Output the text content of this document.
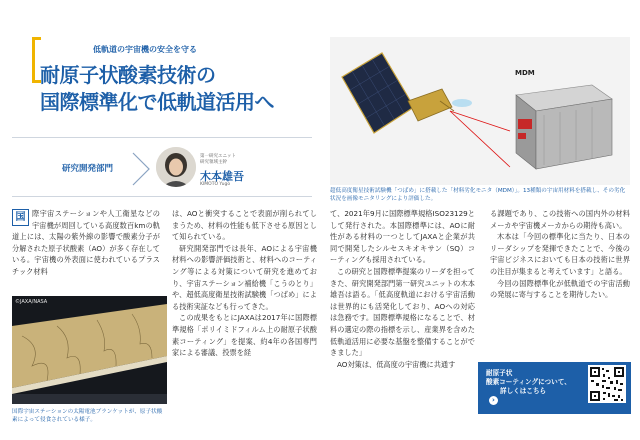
低軌道の宇宙機の安全を守る
耐原子状酸素技術の
国際標準化で低軌道活用へ
研究開発部門
第一研究ユニット
研究領域主幹
木本雄吾
KIMOTO Yugo
MDM
超低高度衛星技術試験機「つばめ」に搭載した「材料劣化モニタ（MDM）」。13種類の宇宙用材料を搭載し、その劣化状況を画像モニタリングにより評価した。

国 際宇宙ステーションや人工衛星などの宇宙機が周回している高度数百kmの軌道上には、太陽の紫外線の影響で酸素分子が分解された原子状酸素（AO）が多く存在している。宇宙機の外表面に使われているプラスチック材料

は、AOと衝突することで表面が削られてしまうため、材料の性能も低下させる原因として知られている。

研究開発部門では長年、AOによる宇宙機材料への影響評価技術と、材料へのコーティング等による対策について研究を進めており、宇宙ステーション補給機「こうのとり」や、超低高度衛星技術試験機「つばめ」による技術実証なども行ってきた。

この成果をもとにJAXAは2017年に国際標準規格「ポリイミドフィルム上の耐原子状酸素コーティング」を提案、約4年の各国専門家による審議、投票を経

て、2021年9月に国際標準規格ISO23129として発行された。本国際標準には、AOに耐性がある材料の一つとしてJAXAと企業が共同で開発したシルセスキオキサン（SQ）コーティングも採用されている。

この研究と国際標準提案のリーダを担ってきた、研究開発部門第一研究ユニットの木本雄吾は語る。「低高度軌道における宇宙活動は世界的にも活発化しており、AOへの対応は急務です。国際標準規格になることで、材料の選定の際の指標を示し、産業界を含めた低軌道活用に必要な基盤を整備することができました」

AO対策は、低高度の宇宙機に共通す

る課題であり、この技術への国内外の材料メーカや宇宙機メーカからの期待も高い。

木本は「今回の標準化に当たり、日本のリーダシップを発揮できたことで、今後の宇宙ビジネスにおいても日本の技術に世界の注目が集まると考えています」と語る。

今回の国際標準化が低軌道での宇宙活動の発展に寄与することを期待したい。

©JAXA/NASA
国際宇宙ステーションの太陽電池ブランケットが、原子状酸素によって侵食されている様子。
耐原子状
酸素コーティングについて、
詳しくはこちら
›
